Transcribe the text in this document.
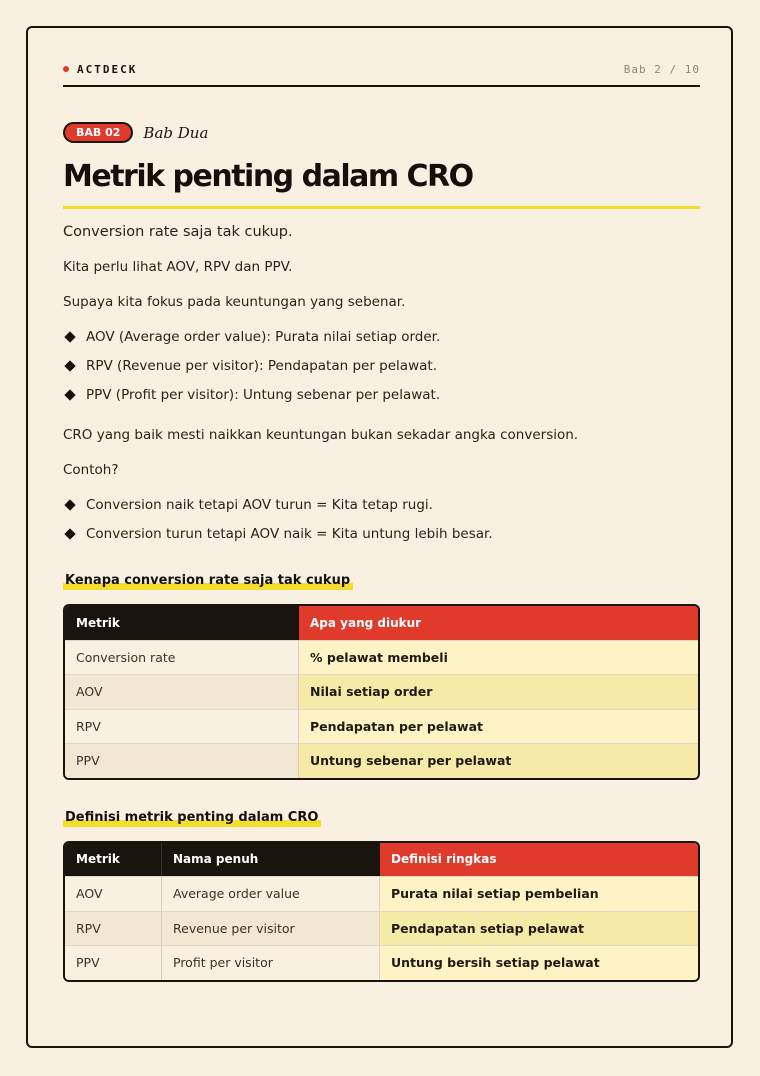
ACTDECK	Bab 2 / 10
BAB 02	Bab Dua
Metrik penting dalam CRO

Conversion rate saja tak cukup.

Kita perlu lihat AOV, RPV dan PPV.

Supaya kita fokus pada keuntungan yang sebenar.

AOV (Average order value): Purata nilai setiap order.
RPV (Revenue per visitor): Pendapatan per pelawat.
PPV (Profit per visitor): Untung sebenar per pelawat.

CRO yang baik mesti naikkan keuntungan bukan sekadar angka conversion.

Contoh?

Conversion naik tetapi AOV turun = Kita tetap rugi.
Conversion turun tetapi AOV naik = Kita untung lebih besar.
Kenapa conversion rate saja tak cukup
Metrik	Apa yang diukur
Conversion rate	% pelawat membeli
AOV	Nilai setiap order
RPV	Pendapatan per pelawat
PPV	Untung sebenar per pelawat
Definisi metrik penting dalam CRO
Metrik	Nama penuh	Definisi ringkas
AOV	Average order value	Purata nilai setiap pembelian
RPV	Revenue per visitor	Pendapatan setiap pelawat
PPV	Profit per visitor	Untung bersih setiap pelawat
